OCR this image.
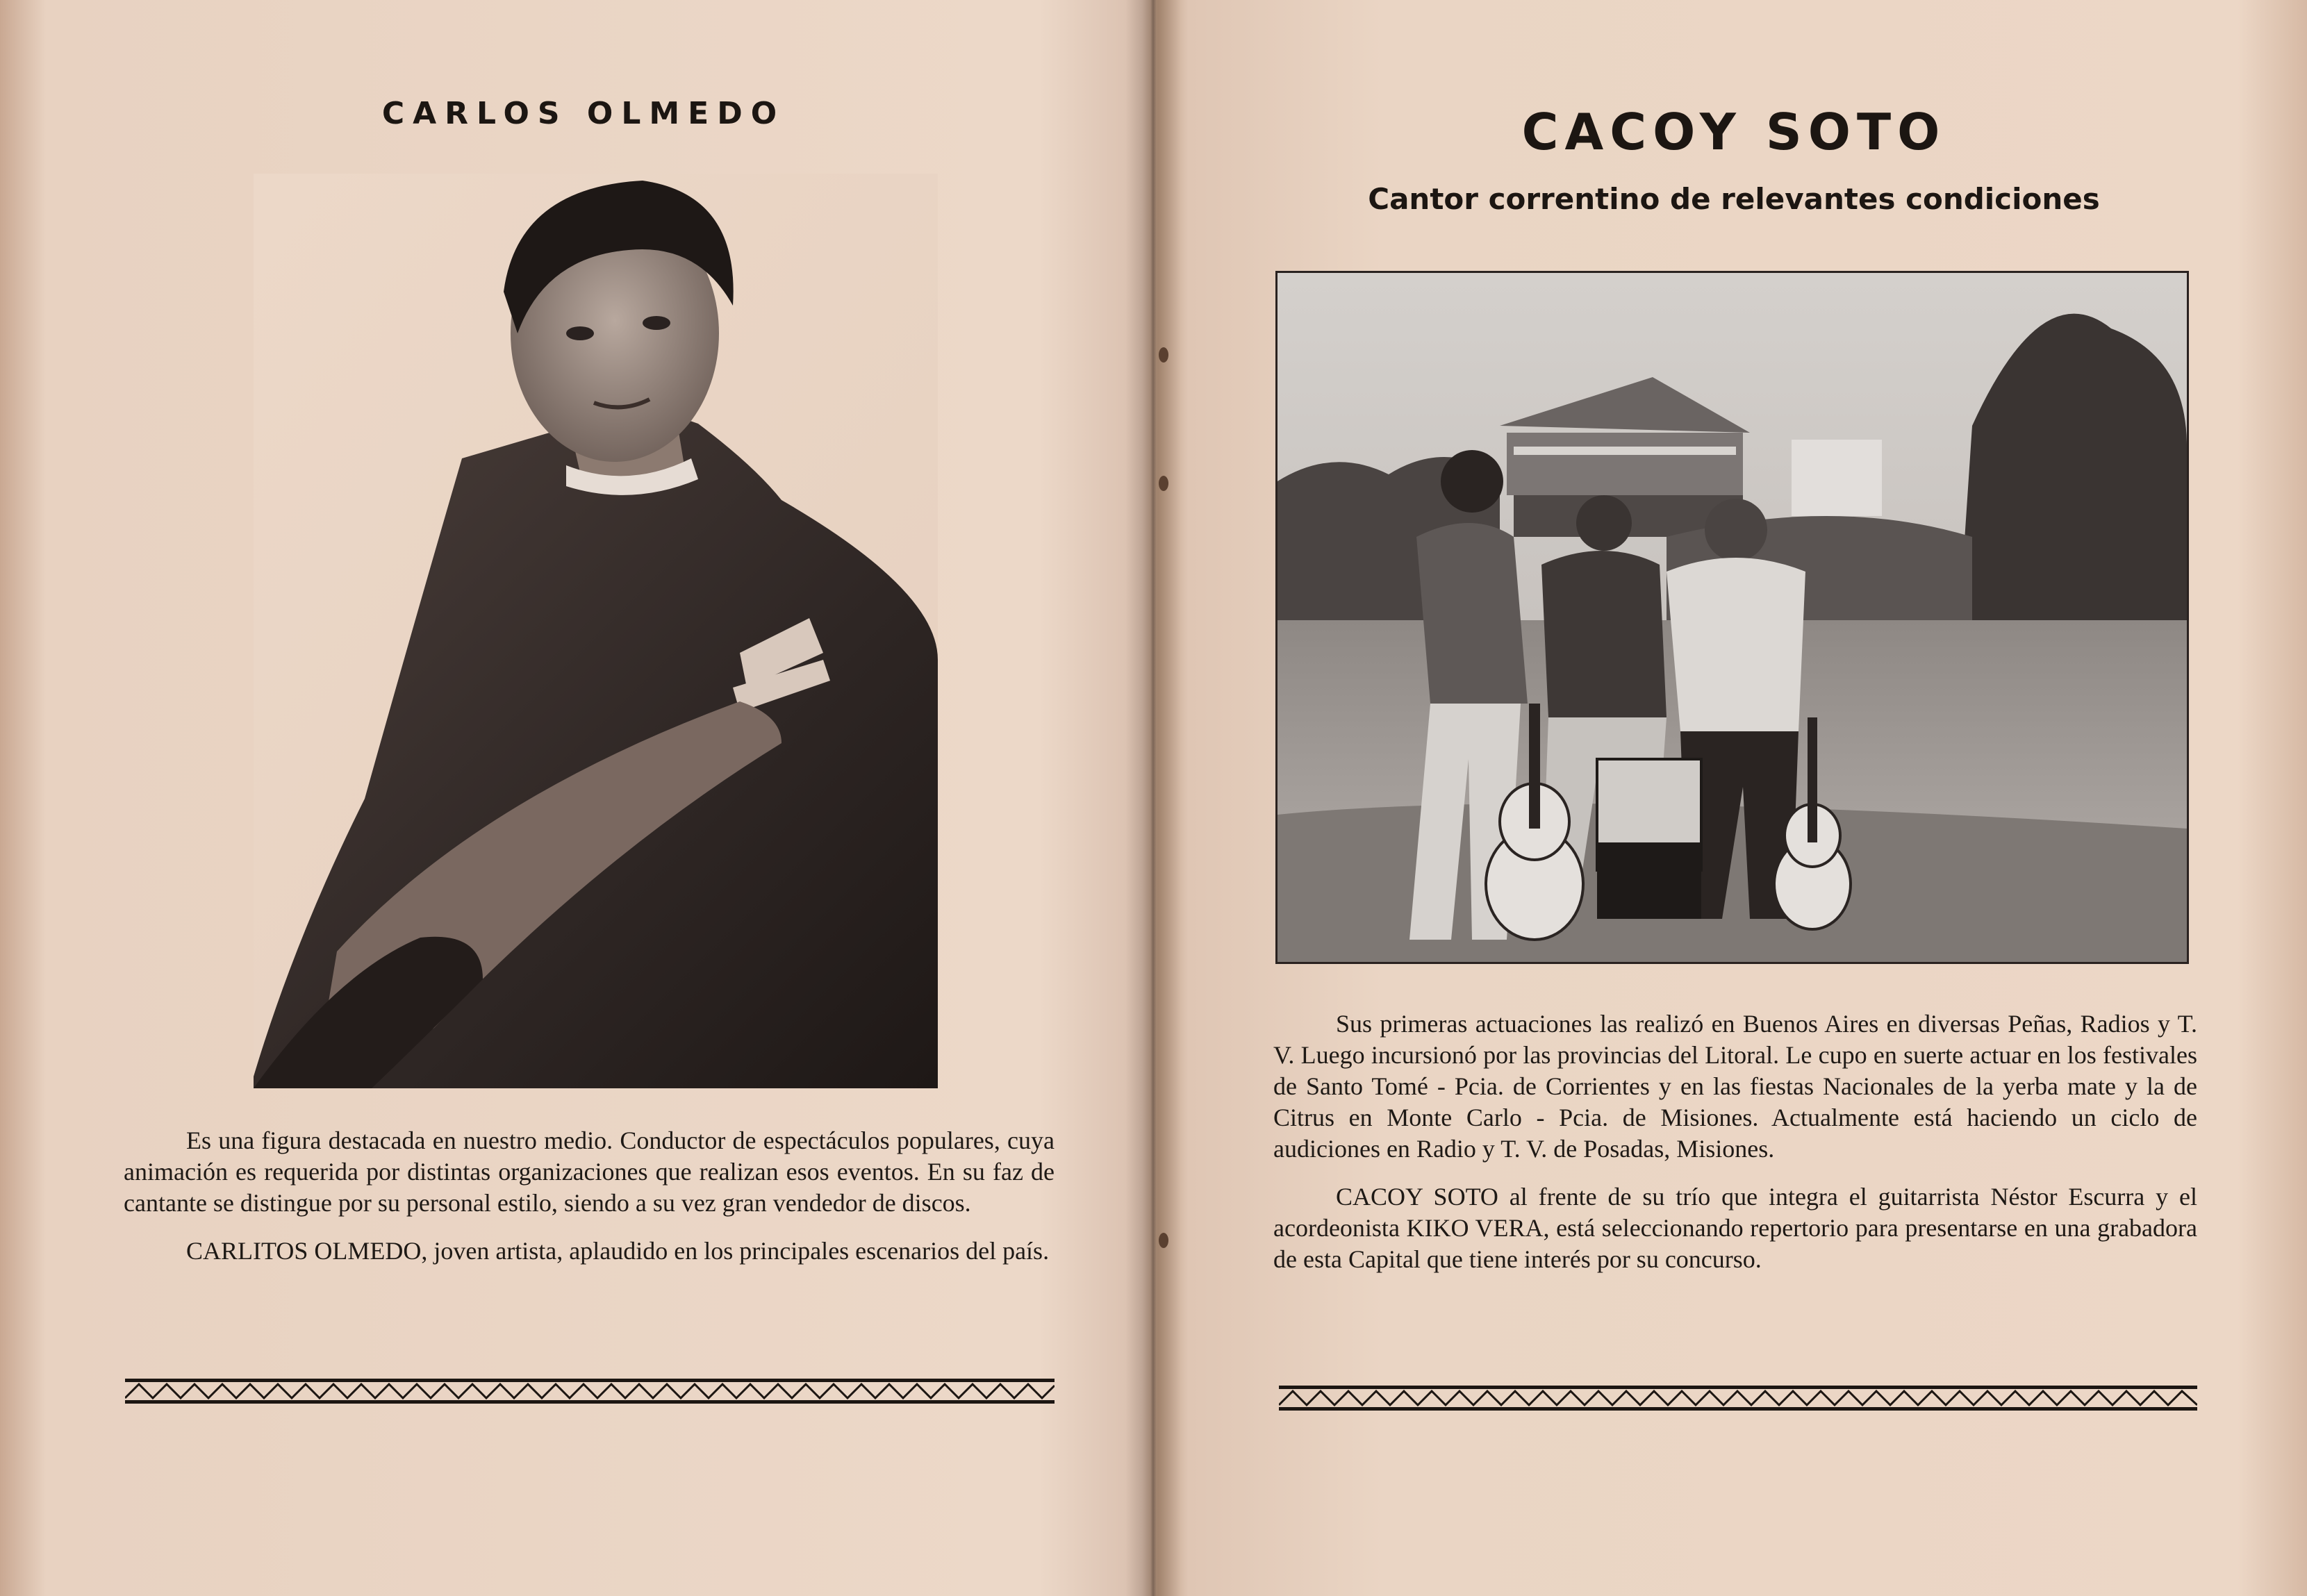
CARLOS OLMEDO

Es una figura destacada en nuestro medio. Conductor de espectáculos populares, cuya animación es requerida por distintas organizaciones que realizan esos eventos. En su faz de cantante se distingue por su personal estilo, siendo a su vez gran vendedor de discos.

CARLITOS OLMEDO, joven artista, aplaudido en los principales escenarios del país.

CACOY SOTO
Cantor correntino de relevantes condiciones

Sus primeras actuaciones las realizó en Buenos Aires en diversas Peñas, Radios y T. V. Luego incursionó por las provincias del Litoral. Le cupo en suerte actuar en los festivales de Santo Tomé - Pcia. de Corrientes y en las fiestas Nacionales de la yerba mate y la de Citrus en Monte Carlo - Pcia. de Misiones. Actualmente está haciendo un ciclo de audiciones en Radio y T. V. de Posadas, Misiones.

CACOY SOTO al frente de su trío que integra el guitarrista Néstor Escurra y el acordeonista KIKO VERA, está seleccionando repertorio para presentarse en una grabadora de esta Capital que tiene interés por su concurso.
